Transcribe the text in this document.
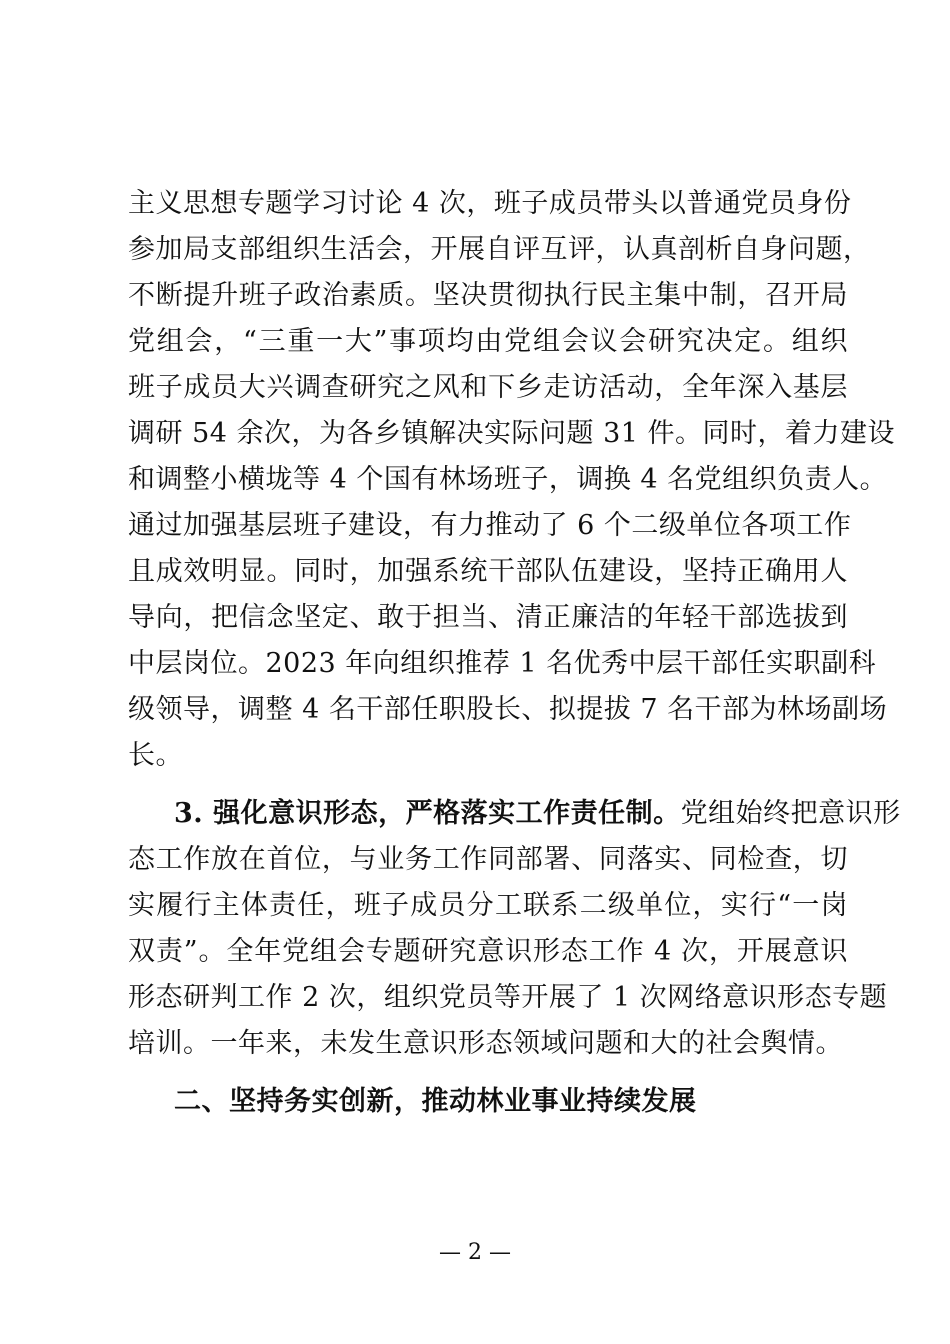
主义思想专题学习讨论 4 次，班子成员带头以普通党员身份
参加局支部组织生活会，开展自评互评，认真剖析自身问题，
不断提升班子政治素质。坚决贯彻执行民主集中制，召开局
党组会，“三重一大”事项均由党组会议会研究决定。组织
班子成员大兴调查研究之风和下乡走访活动，全年深入基层
调研 54 余次，为各乡镇解决实际问题 31 件。同时，着力建设
和调整小横垅等 4 个国有林场班子，调换 4 名党组织负责人。
通过加强基层班子建设，有力推动了 6 个二级单位各项工作
且成效明显。同时，加强系统干部队伍建设，坚持正确用人
导向，把信念坚定、敢于担当、清正廉洁的年轻干部选拔到
中层岗位。2023 年向组织推荐 1 名优秀中层干部任实职副科
级领导，调整 4 名干部任职股长、拟提拔 7 名干部为林场副场
长。
3. 强化意识形态，严格落实工作责任制。党组始终把意识形
态工作放在首位，与业务工作同部署、同落实、同检查，切
实履行主体责任，班子成员分工联系二级单位，实行“一岗
双责”。全年党组会专题研究意识形态工作 4 次，开展意识
形态研判工作 2 次，组织党员等开展了 1 次网络意识形态专题
培训。一年来，未发生意识形态领域问题和大的社会舆情。
二、坚持务实创新，推动林业事业持续发展
— 2 —
